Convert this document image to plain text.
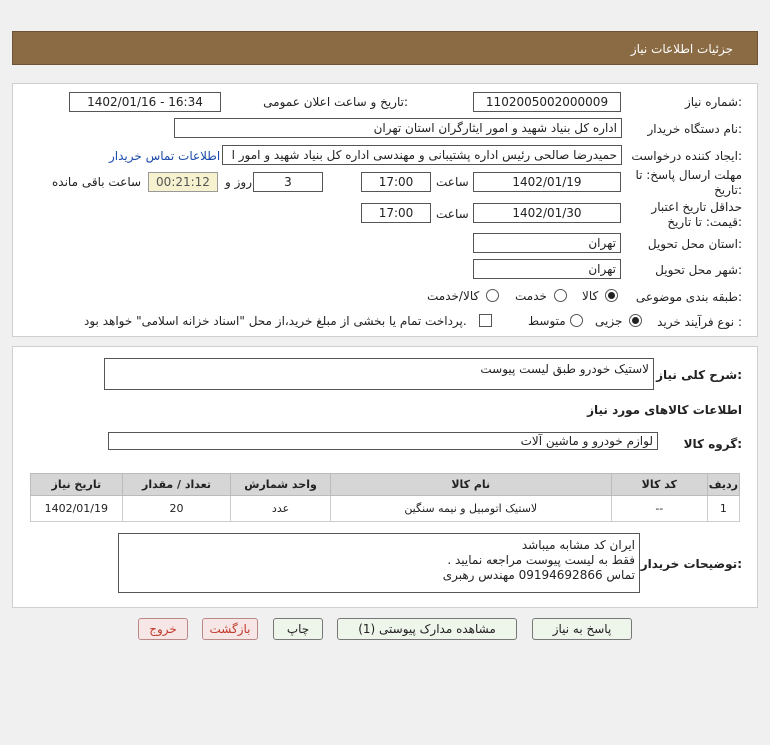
جزئیات اطلاعات نیاز
شماره نیاز:
1102005002000009
تاریخ و ساعت اعلان عمومی:
1402/01/16 - 16:34
نام دستگاه خریدار:
اداره کل بنیاد شهید و امور ایثارگران استان تهران
ایجاد کننده درخواست:
حمیدرضا صالحی رئیس اداره پشتیبانی و مهندسی اداره کل بنیاد شهید و امور ا
اطلاعات تماس خریدار
مهلت ارسال پاسخ: تا
تاریخ:
1402/01/19
ساعت
17:00
3
روز و
00:21:12
ساعت باقی مانده
حداقل تاریخ اعتبار
قیمت: تا تاریخ:
1402/01/30
ساعت
17:00
استان محل تحویل:
تهران
شهر محل تحویل:
تهران
طبقه بندی موضوعی:
کالا
خدمت
کالا/خدمت
نوع فرآیند خرید :
جزیی
متوسط
پرداخت تمام یا بخشی از مبلغ خرید،از محل "اسناد خزانه اسلامی" خواهد بود.
شرح کلی نیاز:
لاستیک خودرو طبق لیست پیوست
اطلاعات کالاهای مورد نیاز
گروه کالا:
لوازم خودرو و ماشین آلات
تاریخ نیاز	تعداد / مقدار	واحد شمارش	نام کالا	کد کالا	ردیف
1402/01/19	20	عدد	لاستیک اتومبیل و نیمه سنگین	--	1
توضیحات خریدار:
ایران کد مشابه میباشد
فقط به لیست پیوست مراجعه نمایید .
تماس 09194692866 مهندس رهبری
پاسخ به نیاز
مشاهده مدارک پیوستی (1)
چاپ
بازگشت
خروج
